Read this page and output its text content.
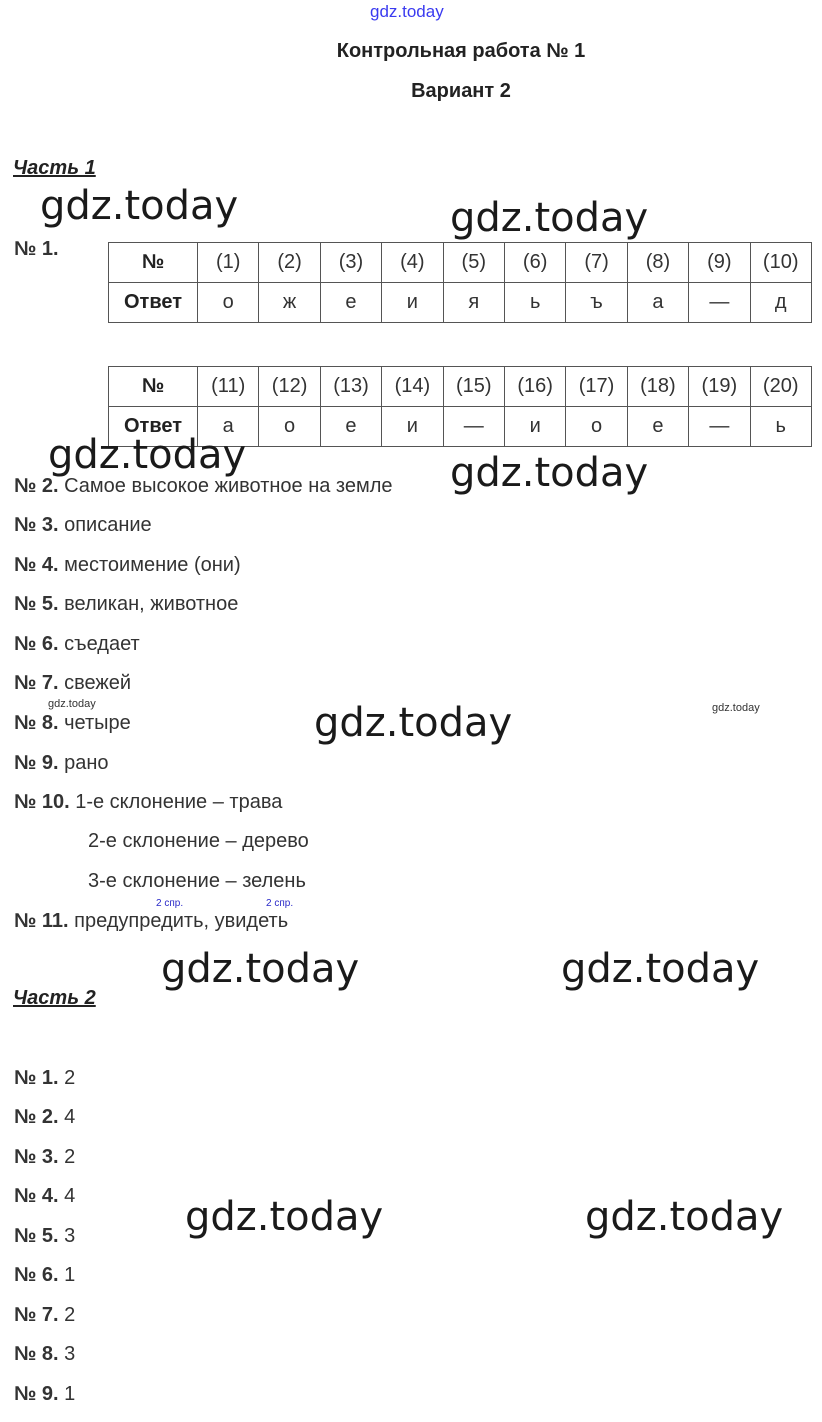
gdz.today
Контрольная работа № 1
Вариант 2
Часть 1
№ 1.
№	(1)	(2)	(3)	(4)	(5)	(6)	(7)	(8)	(9)	(10)
Ответ	о	ж	е	и	я	ь	ъ	а	—	д
№	(11)	(12)	(13)	(14)	(15)	(16)	(17)	(18)	(19)	(20)
Ответ	а	о	е	и	—	и	о	е	—	ь
№ 2. Самое высокое животное на земле
№ 3. описание
№ 4. местоимение (они)
№ 5. великан, животное
№ 6. съедает
№ 7. свежей
№ 8. четыре
№ 9. рано
№ 10. 1-е склонение – трава
2-е склонение – дерево
3-е склонение – зелень
2 спр.	2 спр.
№ 11. предупредить, увидеть
Часть 2
№ 1. 2
№ 2. 4
№ 3. 2
№ 4. 4
№ 5. 3
№ 6. 1
№ 7. 2
№ 8. 3
№ 9. 1
gdz.today	gdz.today
gdz.today	gdz.today
gdz.today	gdz.today	gdz.today
gdz.today	gdz.today
gdz.today	gdz.today
